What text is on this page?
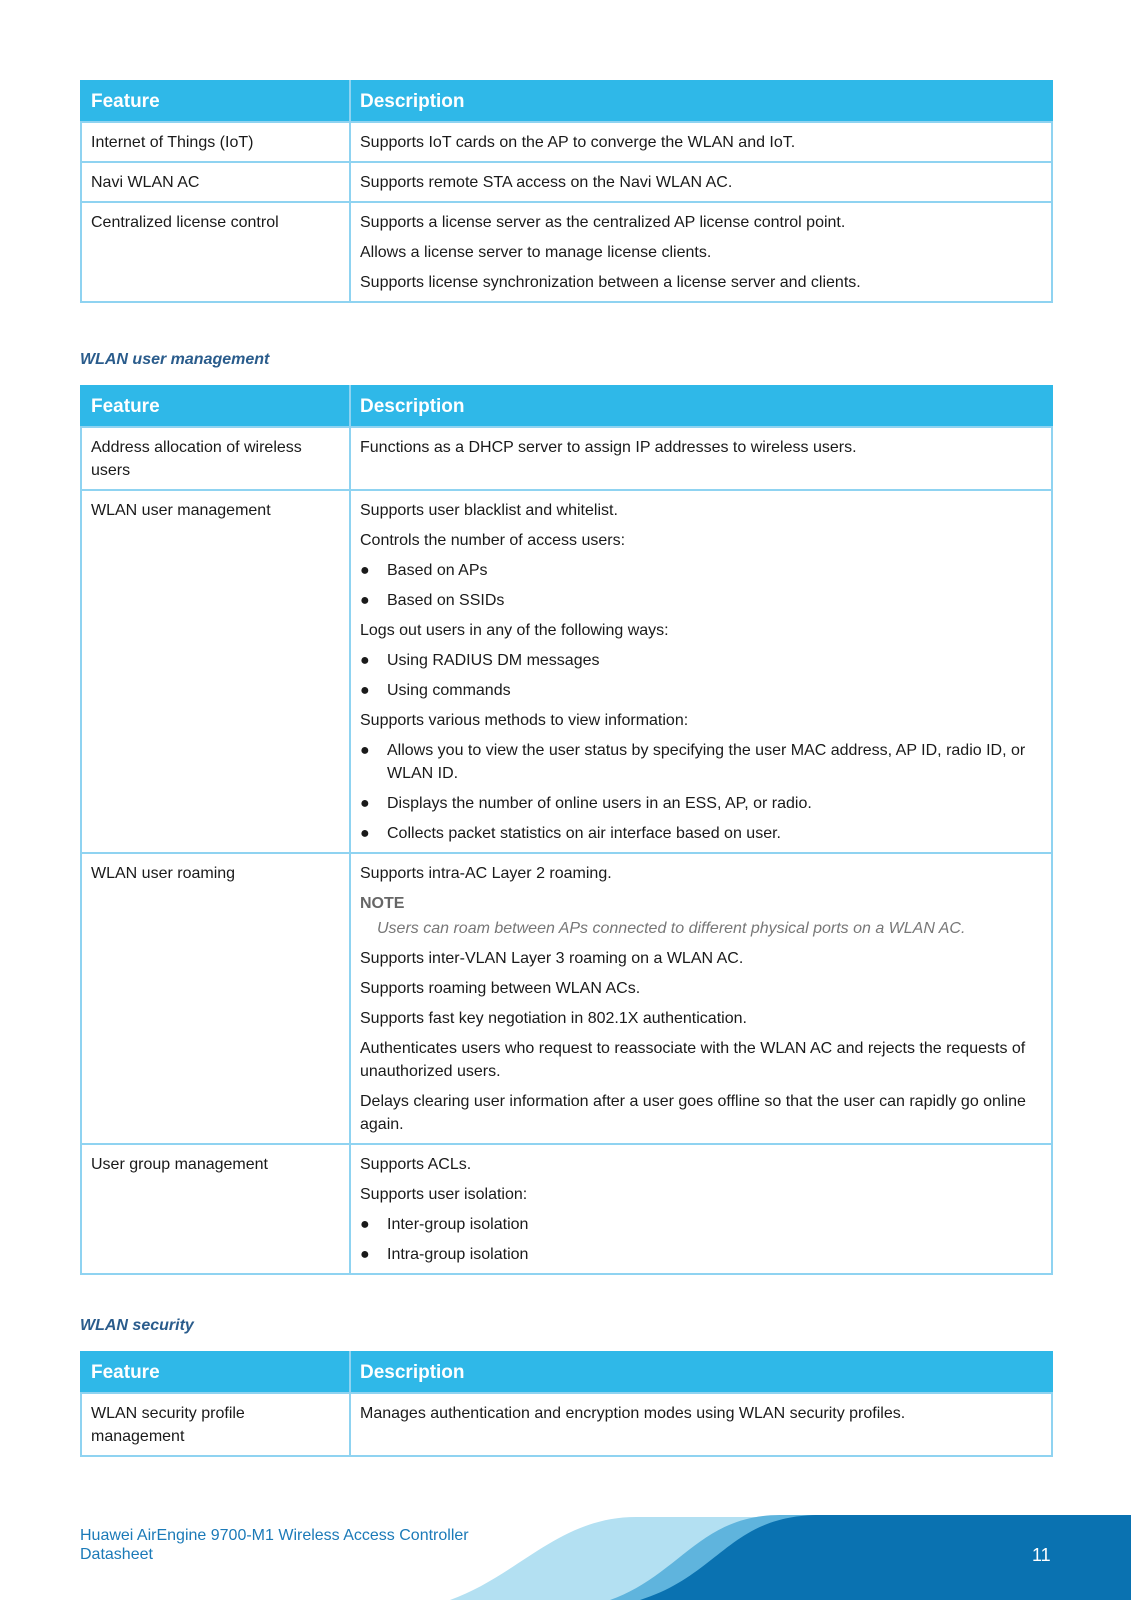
Feature	Description
Internet of Things (IoT)	Supports IoT cards on the AP to converge the WLAN and IoT.

Navi WLAN AC	Supports remote STA access on the Navi WLAN AC.

Centralized license control	Supports a license server as the centralized AP license control point.
Allows a license server to manage license clients.
Supports license synchronization between a license server and clients.
WLAN user management
Feature	Description
Address allocation of wireless users	Functions as a DHCP server to assign IP addresses to wireless users.

WLAN user management	Supports user blacklist and whitelist.
Controls the number of access users:
● Based on APs
● Based on SSIDs
Logs out users in any of the following ways:
● Using RADIUS DM messages
● Using commands
Supports various methods to view information:
● Allows you to view the user status by specifying the user MAC address, AP ID, radio ID, or WLAN ID.
● Displays the number of online users in an ESS, AP, or radio.
● Collects packet statistics on air interface based on user.

WLAN user roaming	Supports intra-AC Layer 2 roaming.
NOTE
Users can roam between APs connected to different physical ports on a WLAN AC.
Supports inter-VLAN Layer 3 roaming on a WLAN AC.
Supports roaming between WLAN ACs.
Supports fast key negotiation in 802.1X authentication.
Authenticates users who request to reassociate with the WLAN AC and rejects the requests of unauthorized users.
Delays clearing user information after a user goes offline so that the user can rapidly go online again.

User group management	Supports ACLs.
Supports user isolation:
● Inter-group isolation
● Intra-group isolation
WLAN security
Feature	Description
WLAN security profile management	Manages authentication and encryption modes using WLAN security profiles.
Huawei AirEngine 9700-M1 Wireless Access Controller
Datasheet	11
